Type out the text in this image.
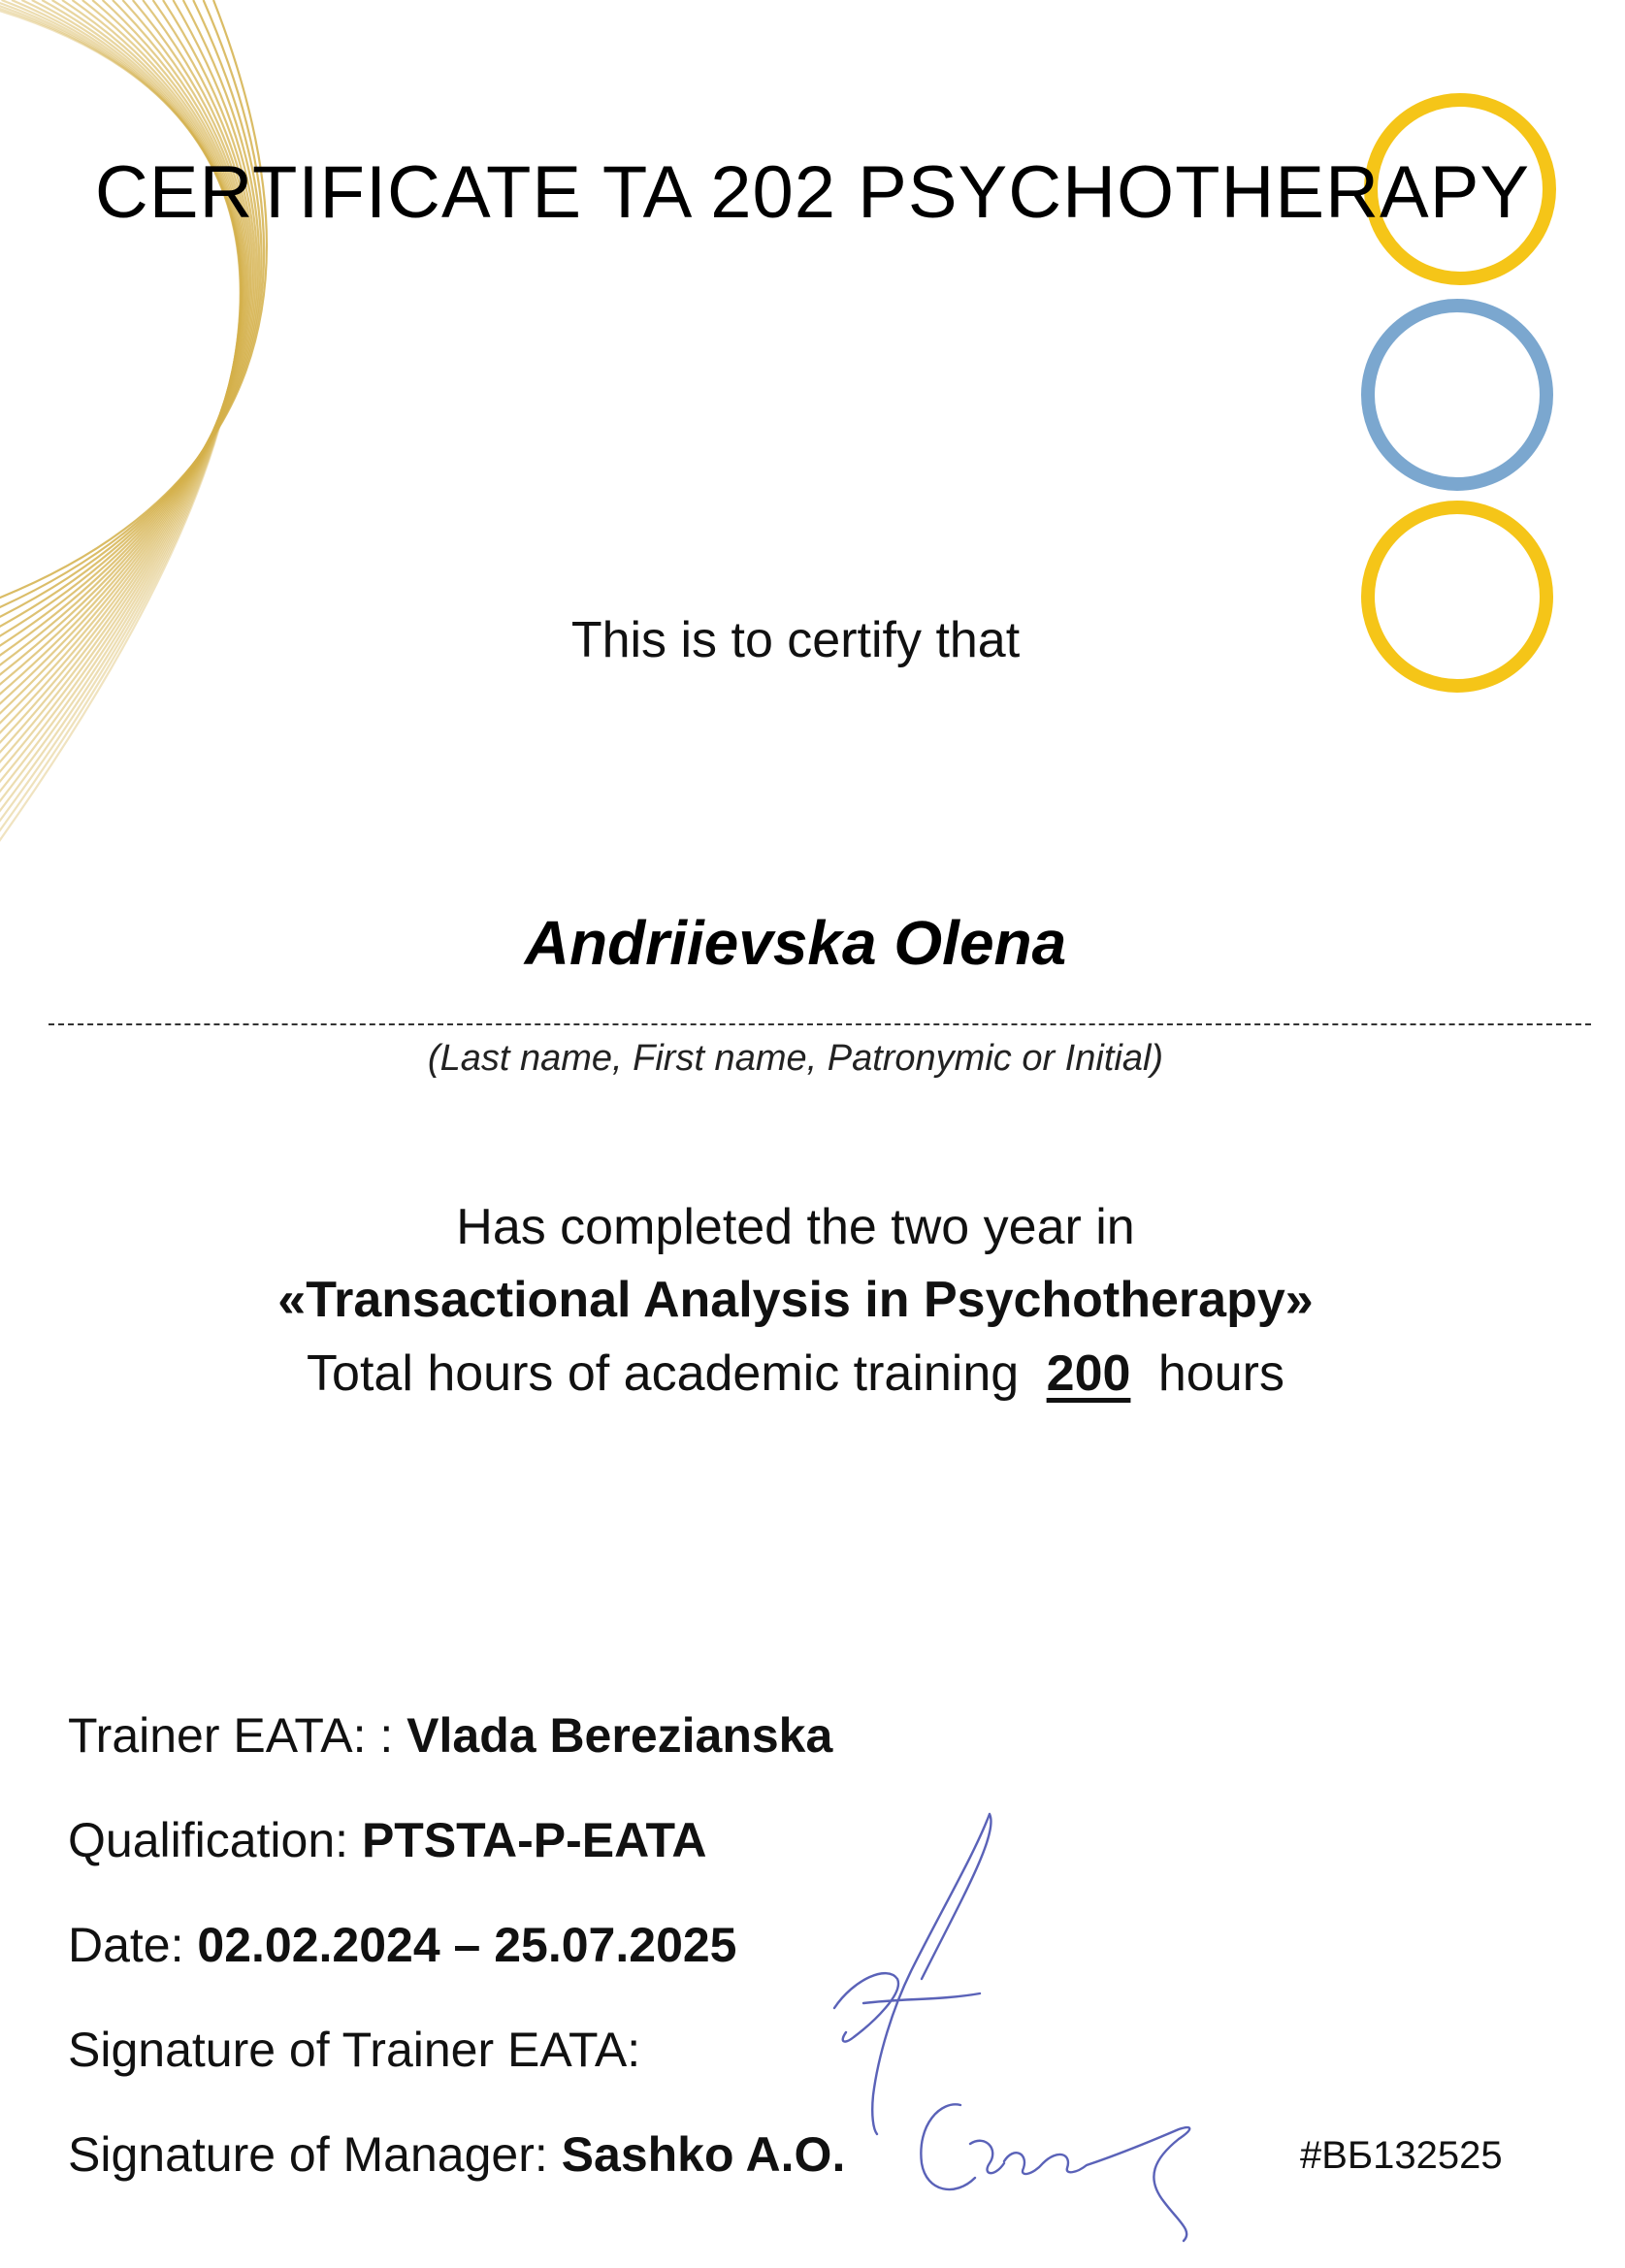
CERTIFICATE TA 202 PSYCHOTHERAPY
This is to certify that
Andriievska Olena
(Last name, First name, Patronymic or Initial)
Has completed the two year in
«Transactional Analysis in Psychotherapy»
Total hours of academic training 200 hours
Trainer EATA: : Vlada Berezianska
Qualification: PTSTA-P-EATA
Date: 02.02.2024 – 25.07.2025
Signature of Trainer EATA:
Signature of Manager: Sashko A.O.	#ВБ132525
